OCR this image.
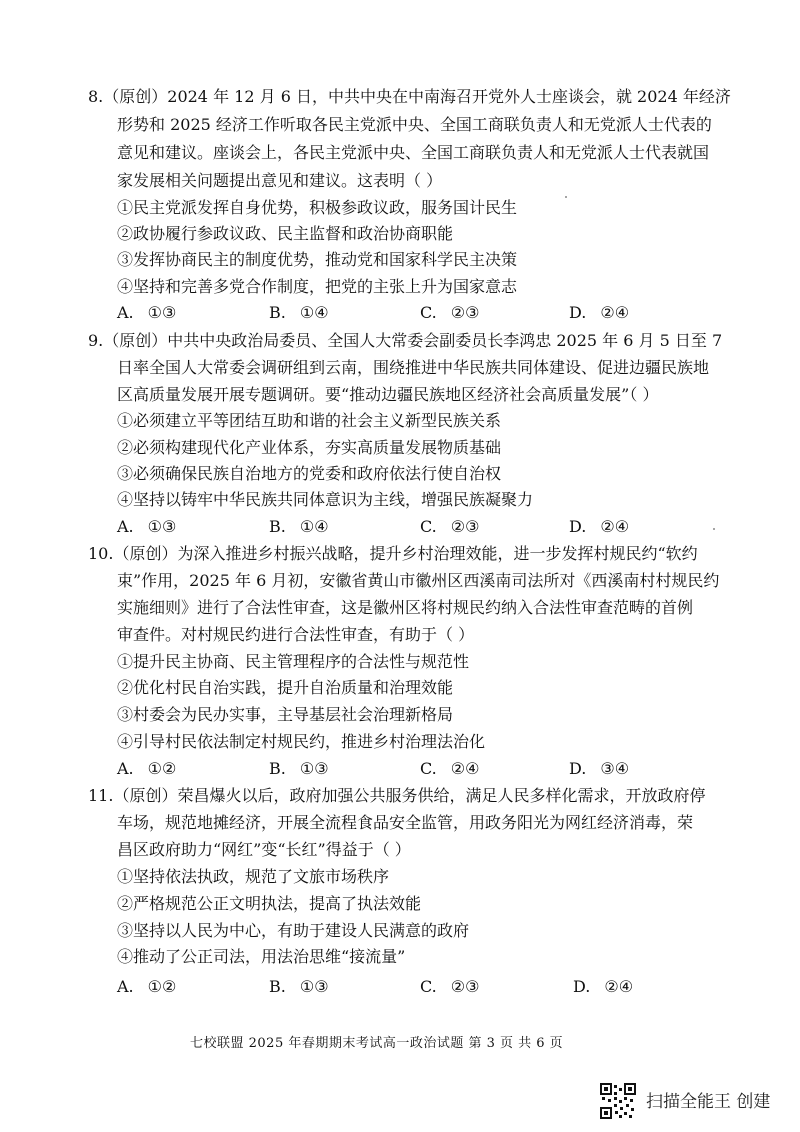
8.（原创）2024 年 12 月 6 日，中共中央在中南海召开党外人士座谈会，就 2024 年经济
形势和 2025 经济工作听取各民主党派中央、全国工商联负责人和无党派人士代表的
意见和建议。座谈会上，各民主党派中央、全国工商联负责人和无党派人士代表就国
家发展相关问题提出意见和建议。这表明（ ）
①民主党派发挥自身优势，积极参政议政，服务国计民生
②政协履行参政议政、民主监督和政治协商职能
③发挥协商民主的制度优势，推动党和国家科学民主决策
④坚持和完善多党合作制度，把党的主张上升为国家意志
A. ①③	B. ①④	C. ②③	D. ②④
9.（原创）中共中央政治局委员、全国人大常委会副委员长李鸿忠 2025 年 6 月 5 日至 7
日率全国人大常委会调研组到云南，围绕推进中华民族共同体建设、促进边疆民族地
区高质量发展开展专题调研。要“推动边疆民族地区经济社会高质量发展”（ ）
①必须建立平等团结互助和谐的社会主义新型民族关系
②必须构建现代化产业体系，夯实高质量发展物质基础
③必须确保民族自治地方的党委和政府依法行使自治权
④坚持以铸牢中华民族共同体意识为主线，增强民族凝聚力
A. ①③	B. ①④	C. ②③	D. ②④
10.（原创）为深入推进乡村振兴战略，提升乡村治理效能，进一步发挥村规民约“软约
束”作用，2025 年 6 月初，安徽省黄山市徽州区西溪南司法所对《西溪南村村规民约
实施细则》进行了合法性审查，这是徽州区将村规民约纳入合法性审查范畴的首例
审查件。对村规民约进行合法性审查，有助于（ ）
①提升民主协商、民主管理程序的合法性与规范性
②优化村民自治实践，提升自治质量和治理效能
③村委会为民办实事，主导基层社会治理新格局
④引导村民依法制定村规民约，推进乡村治理法治化
A. ①②	B. ①③	C. ②④	D. ③④
11.（原创）荣昌爆火以后，政府加强公共服务供给，满足人民多样化需求，开放政府停
车场，规范地摊经济，开展全流程食品安全监管，用政务阳光为网红经济消毒，荣
昌区政府助力“网红”变“长红”得益于（ ）
①坚持依法执政，规范了文旅市场秩序
②严格规范公正文明执法，提高了执法效能
③坚持以人民为中心，有助于建设人民满意的政府
④推动了公正司法，用法治思维“接流量”
A. ①②	B. ①③	C. ②③	D. ②④
七校联盟 2025 年春期期末考试高一政治试题 第 3 页 共 6 页
扫描全能王 创建
